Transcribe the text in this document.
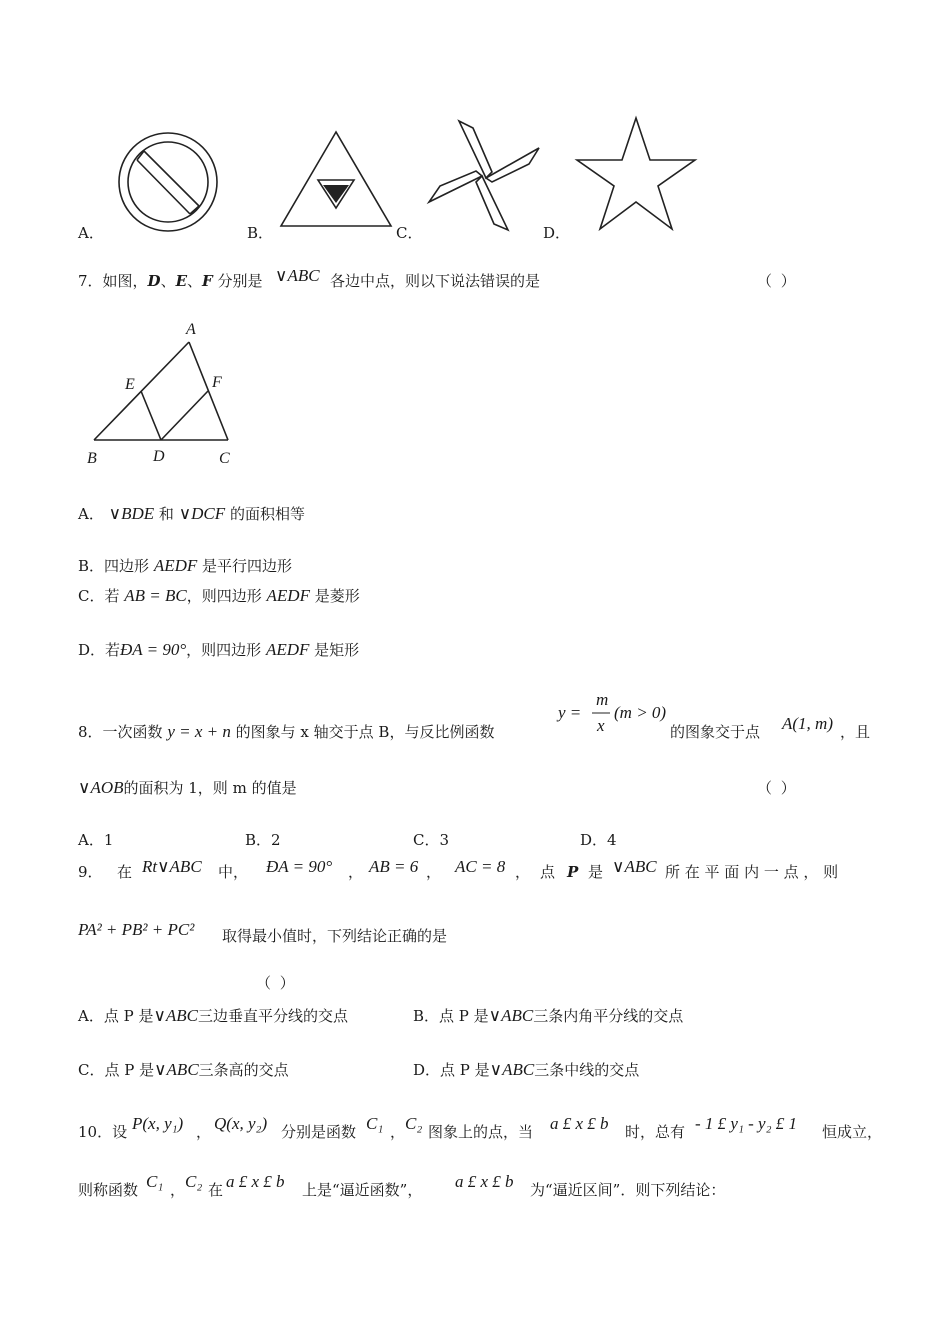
A．	B．	C．	D．
7．如图，D、E、F 分别是 ∨ABC 各边中点，则以下说法错误的是	（ ）
A
E	F
B	D	C
A． ∨BDE 和 ∨DCF 的面积相等
B．四边形 AEDF 是平行四边形
C．若 AB = BC，则四边形 AEDF 是菱形
D．若ÐA = 90°，则四边形 AEDF 是矩形
8．一次函数 y = x + n 的图象与 x 轴交于点 B，与反比例函数
y =
m
x
(m > 0)
的图象交于点 A(1, m) ，且
∨AOB的面积为 1，则 m 的值是	（ ）
A．1	B．2	C．3	D．4
9． 在 Rt∨ABC 中， ÐA = 90° ， AB = 6 ， AC = 8 ， 点 P 是 ∨ABC 所 在 平 面 内 一 点 ， 则
PA² + PB² + PC² 取得最小值时，下列结论正确的是
（ ）
A．点 P 是∨ABC三边垂直平分线的交点	B．点 P 是∨ABC三条内角平分线的交点
C．点 P 是∨ABC三条高的交点	D．点 P 是∨ABC三条中线的交点
10．设 P(x, y₁) ， Q(x, y₂) 分别是函数 C₁ ， C₂ 图象上的点，当 a £ x £ b 时，总有 - 1 £ y₁ - y₂ £ 1 恒成立，
则称函数 C₁ ， C₂ 在 a £ x £ b 上是“逼近函数”， a £ x £ b 为“逼近区间”．则下列结论：
